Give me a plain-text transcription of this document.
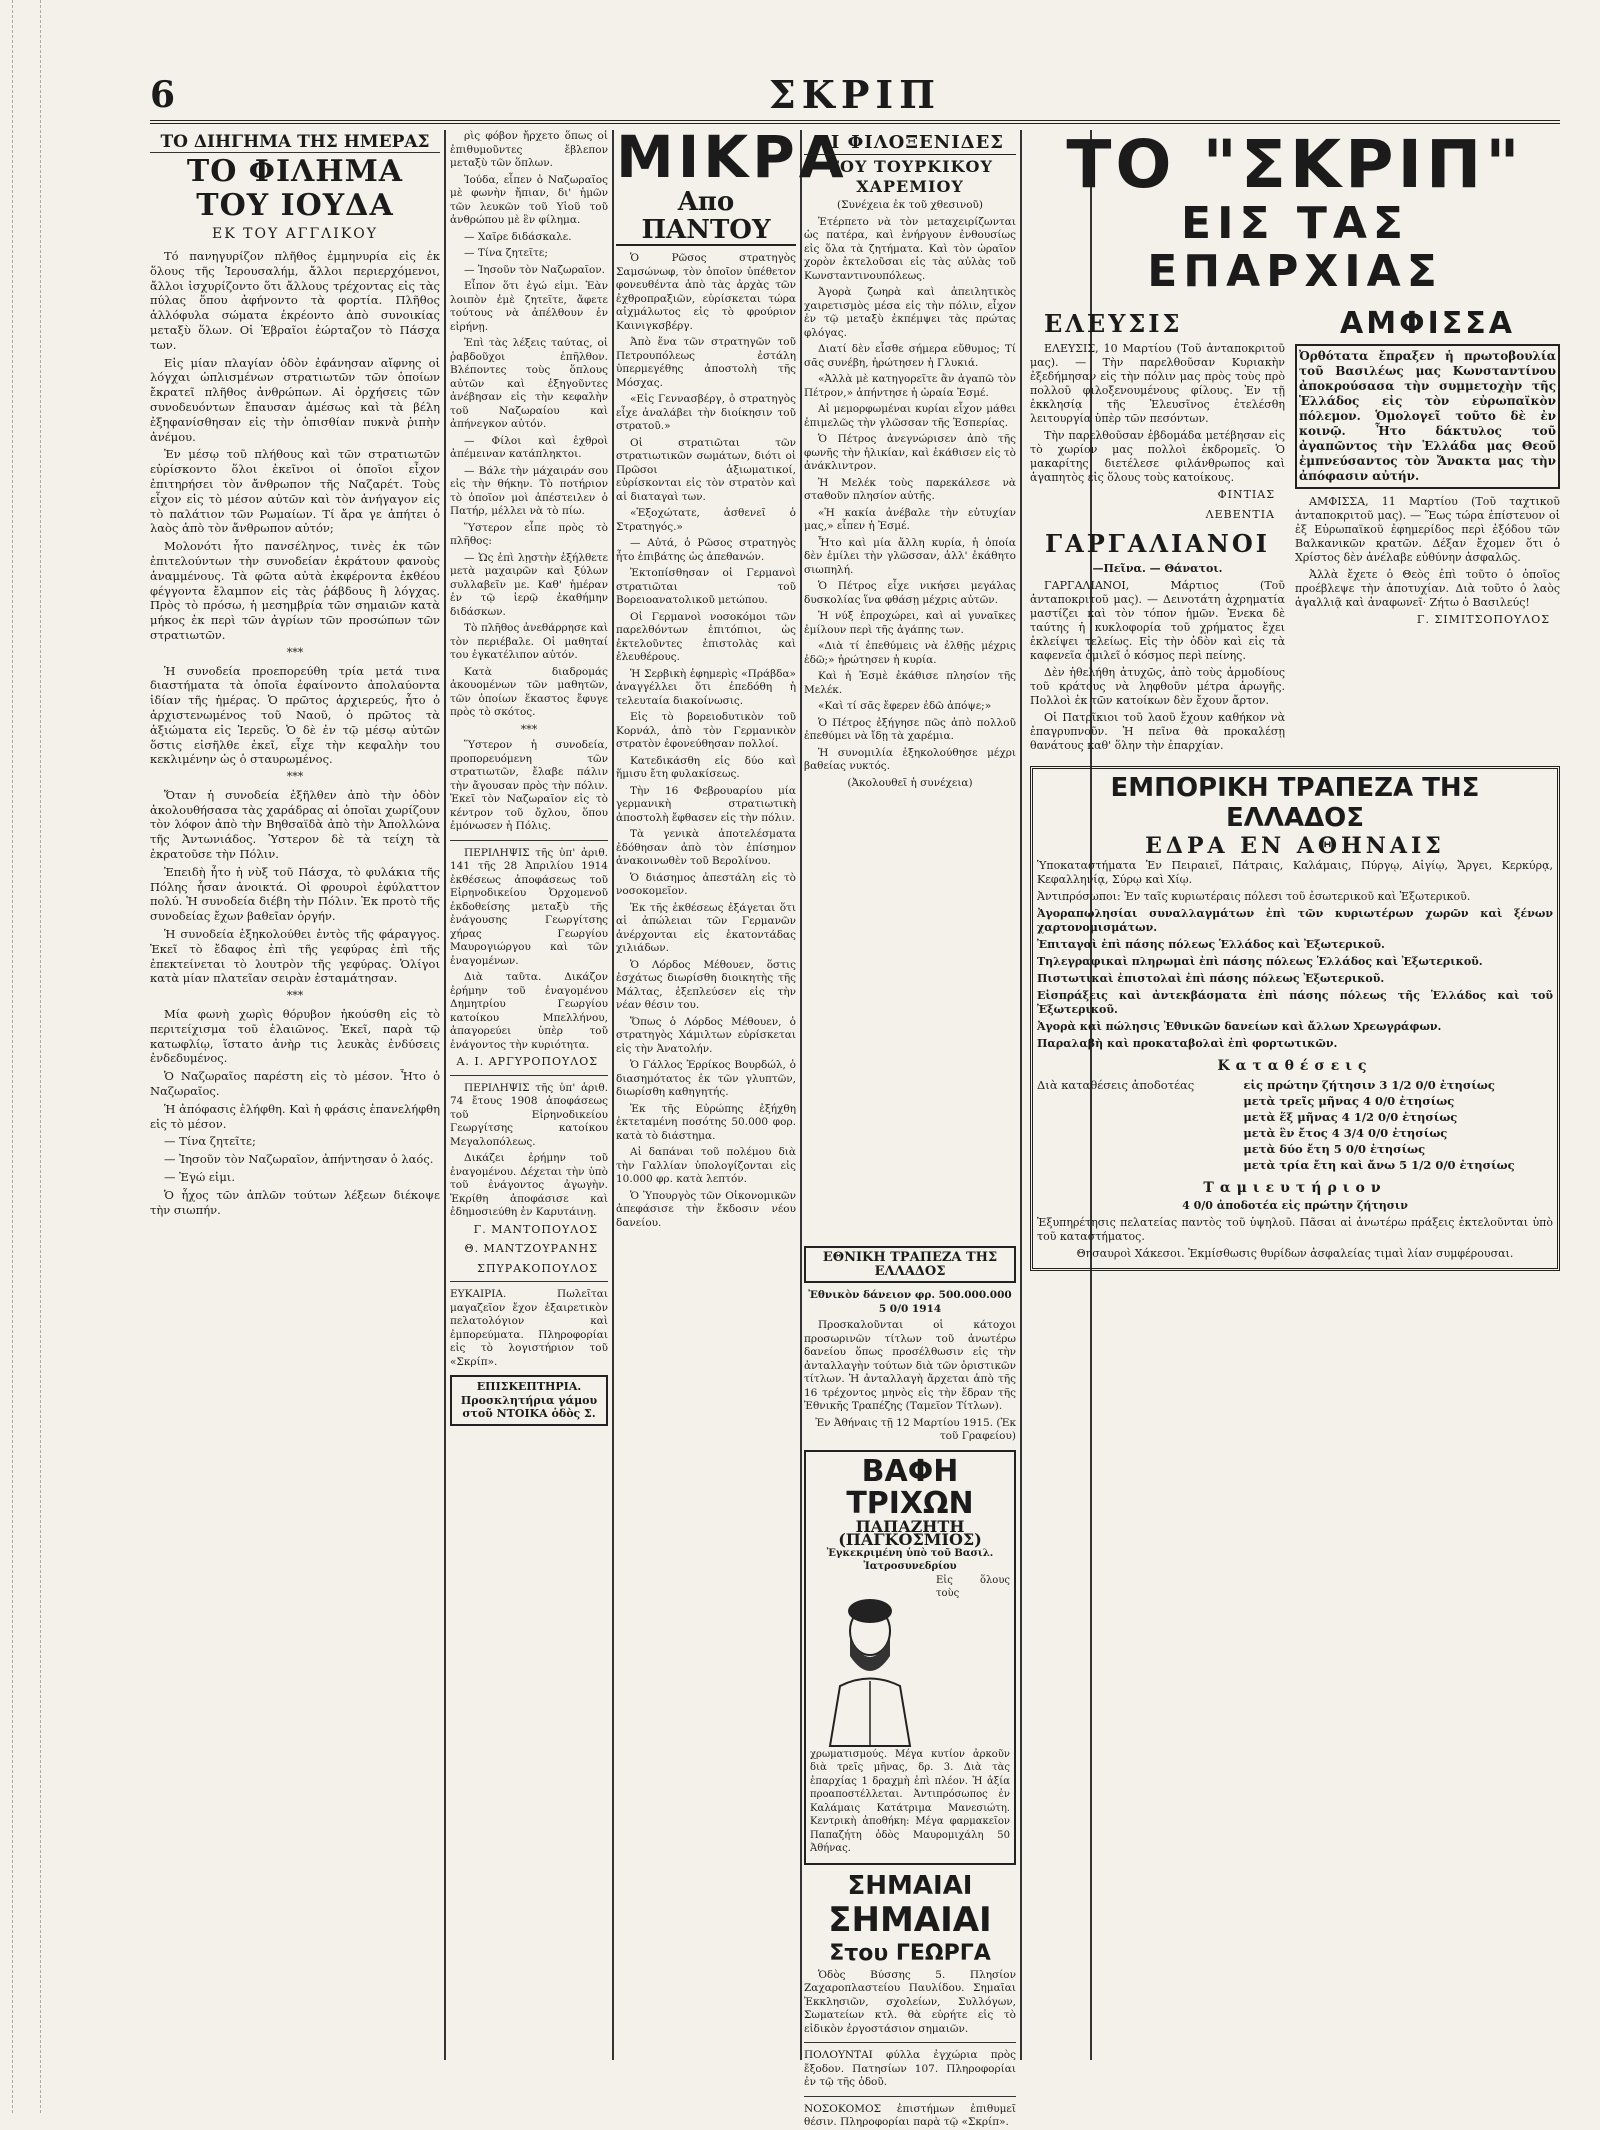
6	ΣΚΡΙΠ
ΤΟ ΔΙΗΓΗΜΑ ΤΗΣ ΗΜΕΡΑΣ
ΤΟ ΦΙΛΗΜΑ ΤΟΥ ΙΟΥΔΑ
ΕΚ ΤΟΥ ΑΓΓΛΙΚΟΥ

Τό πανηγυρίζον πλῆθος ἐμμηνυρία εἰς ἐκ ὅλους τῆς Ἱερουσαλήμ, ἄλλοι περιερχόμενοι, ἄλλοι ἰσχυρίζοντο ὅτι ἄλλους τρέχοντας εἰς τὰς πύλας ὅπου ἀφήνοντο τὰ φορτία. Πλῆθος ἀλλόφυλα σώματα ἐκρέοντο ἀπὸ συνοικίας μεταξὺ ὅλων. Οἱ Ἑβραῖοι ἐώρταζον τὸ Πάσχα των.

Εἰς μίαν πλαγίαν ὁδὸν ἐφάνησαν αἴφνης οἱ λόγχαι ὡπλισμένων στρατιωτῶν τῶν ὁποίων ἔκρατεῖ πλῆθος ἀνθρώπων. Αἱ ὀρχήσεις τῶν συνοδευόντων ἔπαυσαν ἀμέσως καὶ τὰ βέλη ἐξηφανίσθησαν εἰς τὴν ὀπισθίαν πυκνὰ ῥιπὴν ἀνέμου.

Ἐν μέσῳ τοῦ πλήθους καὶ τῶν στρατιωτῶν εὑρίσκοντο ὅλοι ἐκεῖνοι οἱ ὁποῖοι εἶχον ἐπιτηρήσει τὸν ἄνθρωπον τῆς Ναζαρέτ. Τοὺς εἶχον εἰς τὸ μέσον αὐτῶν καὶ τὸν ἀνήγαγον εἰς τὸ παλάτιον τῶν Ρωμαίων. Τί ἄρα γε ἀπήτει ὁ λαὸς ἀπὸ τὸν ἄνθρωπον αὐτόν;

Μολονότι ἦτο πανσέληνος, τινὲς ἐκ τῶν ἐπιτελούντων τὴν συνοδείαν ἐκράτουν φανοὺς ἀναμμένους. Τὰ φῶτα αὐτὰ ἐκφέροντα ἐκθέου φέγγοντα ἔλαμπον εἰς τὰς ῥάβδους ἢ λόγχας. Πρὸς τὸ πρόσω, ἡ μεσημβρία τῶν σημαιῶν κατὰ μήκος ἐκ περὶ τῶν ἀγρίων τῶν προσώπων τῶν στρατιωτῶν.

***

Ἡ συνοδεία προεπορεύθη τρία μετά τινα διαστήματα τὰ ὁποῖα ἐφαίνοντο ἀπολαύοντα ἰδίαν τῆς ἡμέρας. Ὁ πρῶτος ἀρχιερεύς, ἦτο ὁ ἀρχιστενωμένος τοῦ Ναοῦ, ὁ πρῶτος τὰ ἀξιώματα εἰς Ἱερεῦς. Ὁ δὲ ἐν τῷ μέσῳ αὐτῶν ὅστις εἰσῆλθε ἐκεῖ, εἶχε τὴν κεφαλὴν του κεκλιμένην ὡς ὁ σταυρωμένος.

***

Ὅταν ἡ συνοδεία ἐξῆλθεν ἀπὸ τὴν ὁδὸν ἀκολουθήσασα τὰς χαράδρας αἱ ὁποῖαι χωρίζουν τὸν λόφον ἀπὸ τὴν Βηθσαϊδὰ ἀπὸ τὴν Ἀπολλώνα τῆς Ἀντωνιάδος. Ὑστερον δὲ τὰ τείχη τὰ ἐκρατοῦσε τὴν Πόλιν.

Ἐπειδὴ ἦτο ἡ νὺξ τοῦ Πάσχα, τὸ φυλάκια τῆς Πόλης ἦσαν ἀνοικτά. Οἱ φρουροὶ ἐφύλαττον πολύ. Ἡ συνοδεία διέβη τὴν Πόλιν. Ἐκ προτὸ τῆς συνοδείας ἔχων βαθεῖαν ὀργήν.

Ἡ συνοδεία ἐξηκολούθει ἐντὸς τῆς φάραγγος. Ἐκεῖ τὸ ἔδαφος ἐπὶ τῆς γεφύρας ἐπὶ τῆς ἐπεκτείνεται τὸ λουτρὸν τῆς γεφύρας. Ὁλίγοι κατὰ μίαν πλατεῖαν σειρὰν ἐσταμάτησαν.

***

Μία φωνὴ χωρὶς θόρυβον ἠκούσθη εἰς τὸ περιτείχισμα τοῦ ἐλαιῶνος. Ἐκεῖ, παρὰ τῷ κατωφλίῳ, ἵστατο ἀνὴρ τις λευκὰς ἐνδύσεις ἐνδεδυμένος.

Ὁ Ναζωραῖος παρέστη εἰς τὸ μέσον. Ἦτο ὁ Ναζωραῖος.

Ἡ ἀπόφασις ἐλήφθη. Καὶ ἡ φράσις ἐπανελήφθη εἰς τὸ μέσον.

— Τίνα ζητεῖτε;

— Ἰησοῦν τὸν Ναζωραῖον, ἀπήντησαν ὁ λαός.

— Ἐγώ εἰμι.

Ὁ ἦχος τῶν ἁπλῶν τούτων λέξεων διέκοψε τὴν σιωπήν.

ρὶς φόβον ἤρχετο ὅπως οἱ ἐπιθυμοῦντες ἔβλεπον μεταξὺ τῶν ὅπλων.

Ἰούδα, εἶπεν ὁ Ναζωραῖος μὲ φωνὴν ἤπιαν, δι' ἡμῶν τῶν λευκῶν τοῦ Υἱοῦ τοῦ ἀνθρώπου μὲ ἓν φίλημα.

— Χαῖρε διδάσκαλε.

— Τίνα ζητεῖτε;

— Ἰησοῦν τὸν Ναζωραῖον.

Εἶπον ὅτι ἐγώ εἰμι. Ἐὰν λοιπὸν ἐμὲ ζητεῖτε, ἄφετε τούτους νὰ ἀπέλθουν ἐν εἰρήνῃ.

Ἐπὶ τὰς λέξεις ταύτας, οἱ ῥαβδοῦχοι ἐπῆλθον. Βλέποντες τοὺς ὅπλους αὐτῶν καὶ ἐξηγοῦντες ἀνέβησαν εἰς τὴν κεφαλὴν τοῦ Ναζωραίου καὶ ἀπήνεγκον αὐτόν.

— Φίλοι καὶ ἐχθροὶ ἀπέμειναν κατάπληκτοι.

— Βάλε τὴν μάχαιράν σου εἰς τὴν θήκην. Τὸ ποτήριον τὸ ὁποῖον μοὶ ἀπέστειλεν ὁ Πατήρ, μέλλει νὰ τὸ πίω.

Ὕστερον εἶπε πρὸς τὸ πλῆθος:

— Ὡς ἐπὶ λῃστὴν ἐξήλθετε μετὰ μαχαιρῶν καὶ ξύλων συλλαβεῖν με. Καθ' ἡμέραν ἐν τῷ ἱερῷ ἐκαθήμην διδάσκων.

Τὸ πλῆθος ἀνεθάρρησε καὶ τὸν περιέβαλε. Οἱ μαθηταί του ἐγκατέλιπον αὐτόν.

Κατὰ διαδρομάς ἀκουομένων τῶν μαθητῶν, τῶν ὁποίων ἕκαστος ἔφυγε πρὸς τὸ σκότος.

***

Ὕστερον ἡ συνοδεία, προπορευόμενη τῶν στρατιωτῶν, ἔλαβε πάλιν τὴν ἄγουσαν πρὸς τὴν πόλιν. Ἐκεῖ τὸν Ναζωραῖον εἰς τὸ κέντρον τοῦ ὄχλου, ὅπου ἐμόνωσεν ἡ Πόλις.

ΠΕΡΙΛΗΨΙΣ τῆς ὑπ' ἀριθ. 141 τῆς 28 Ἀπριλίου 1914 ἐκθέσεως ἀποφάσεως τοῦ Εἰρηνοδικείου Ὀρχομενοῦ ἐκδοθείσης μεταξὺ τῆς ἐνάγουσης Γεωργίτσης χήρας Γεωργίου Μαυρογιώργου καὶ τῶν ἐναγομένων.

Διὰ ταῦτα. Δικάζον ἐρήμην τοῦ ἐναγομένου Δημητρίου Γεωργίου κατοίκου Μπελλήνου, ἀπαγορεύει ὑπὲρ τοῦ ἐνάγοντος τὴν κυριότητα.

Α. Ι. ΑΡΓΥΡΟΠΟΥΛΟΣ

ΠΕΡΙΛΗΨΙΣ τῆς ὑπ' ἀριθ. 74 ἔτους 1908 ἀποφάσεως τοῦ Εἰρηνοδικείου Γεωργίτσης κατοίκου Μεγαλοπόλεως.

Δικάζει ἐρήμην τοῦ ἐναγομένου. Δέχεται τὴν ὑπὸ τοῦ ἐνάγοντος ἀγωγὴν. Ἐκρίθη ἀποφάσισε καὶ ἐδημοσιεύθη ἐν Καρυτάινῃ.

Γ. ΜΑΝΤΟΠΟΥΛΟΣ
Θ. ΜΑΝΤΖΟΥΡΑΝΗΣ
ΣΠΥΡΑΚΟΠΟΥΛΟΣ

ΕΥΚΑΙΡΙΑ. Πωλεῖται μαγαζεῖον ἔχον ἐξαιρετικὸν πελατολόγιον καὶ ἐμπορεύματα. Πληροφορίαι εἰς τὸ λογιστήριον τοῦ «Σκρίπ».

ΕΠΙΣΚΕΠΤΗΡΙΑ. Προσκλητήρια γάμου στοῦ ΝΤΟΙΚΑ ὁδὸς Σ.
ΜΙΚΡΑ
Απο ΠΑΝΤΟΥ

Ὁ Ρῶσος στρατηγὸς Σαμσώνωφ, τὸν ὁποῖον ὑπέθετον φονευθέντα ἀπὸ τὰς ἀρχὰς τῶν ἐχθροπραξιῶν, εὑρίσκεται τώρα αἰχμάλωτος εἰς τὸ φρούριον Καινιγκσβέργ.

Ἀπὸ ἕνα τῶν στρατηγῶν τοῦ Πετρουπόλεως ἐστάλη ὑπερμεγέθης ἀποστολὴ τῆς Μόσχας.

«Εἰς Γεννασβέργ, ὁ στρατηγὸς εἶχε ἀναλάβει τὴν διοίκησιν τοῦ στρατοῦ.»

Οἱ στρατιῶται τῶν στρατιωτικῶν σωμάτων, διότι οἱ Πρῶσοι ἀξιωματικοί, εὑρίσκονται εἰς τὸν στρατὸν καὶ αἱ διαταγαὶ των.

«Ἐξοχώτατε, ἀσθενεῖ ὁ Στρατηγός.»

— Αὐτά, ὁ Ρῶσος στρατηγὸς ἦτο ἐπιβάτης ὡς ἀπεθανών.

Ἐκτοπίσθησαν οἱ Γερμανοὶ στρατιῶται τοῦ Βορειοανατολικοῦ μετώπου.

Οἱ Γερμανοὶ νοσοκόμοι τῶν παρελθόντων ἐπιτόπιοι, ὡς ἐκτελοῦντες ἐπιστολὰς καὶ ἐλευθέρους.

Ἡ Σερβικὴ ἐφημερὶς «Πράβδα» ἀναγγέλλει ὅτι ἐπεδόθη ἡ τελευταία διακοίνωσις.

Εἰς τὸ βορειοδυτικὸν τοῦ Κορνάλ, ἀπὸ τὸν Γερμανικὸν στρατὸν ἐφονεύθησαν πολλοί.

Κατεδικάσθη εἰς δύο καὶ ἥμισυ ἔτη φυλακίσεως.

Τὴν 16 Φεβρουαρίου μία γερμανικὴ στρατιωτικὴ ἀποστολὴ ἔφθασεν εἰς τὴν πόλιν.

Τὰ γενικὰ ἀποτελέσματα ἐδόθησαν ἀπὸ τὸν ἐπίσημον ἀνακοινωθὲν τοῦ Βερολίνου.

Ὁ διάσημος ἀπεστάλη εἰς τὸ νοσοκομεῖον.

Ἐκ τῆς ἐκθέσεως ἐξάγεται ὅτι αἱ ἀπώλειαι τῶν Γερμανῶν ἀνέρχονται εἰς ἑκατοντάδας χιλιάδων.

Ὁ Λόρδος Μέθουεν, ὅστις ἐσχάτως διωρίσθη διοικητὴς τῆς Μάλτας, ἐξεπλεύσεν εἰς τὴν νέαν θέσιν του.

Ὅπως ὁ Λόρδος Μέθουεν, ὁ στρατηγὸς Χάμιλτων εὑρίσκεται εἰς τὴν Ἀνατολήν.

Ὁ Γάλλος Ἐρρίκος Βουρδώλ, ὁ διασημότατος ἐκ τῶν γλυπτῶν, διωρίσθη καθηγητής.

Ἐκ τῆς Εὐρώπης ἐξήχθη ἐκτεταμένη ποσότης 50.000 φορ. κατὰ τὸ διάστημα.

Αἱ δαπάναι τοῦ πολέμου διὰ τὴν Γαλλίαν ὑπολογίζονται εἰς 10.000 φρ. κατὰ λεπτόν.

Ὁ Ὑπουργὸς τῶν Οἰκονομικῶν ἀπεφάσισε τὴν ἔκδοσιν νέου δανείου.

ΑΙ ΦΙΛΟΞΕΝΙΔΕΣ
ΤΟΥ ΤΟΥΡΚΙΚΟΥ ΧΑΡΕΜΙΟΥ

(Συνέχεια ἐκ τοῦ χθεσινοῦ)

Ἐτέρπετο νὰ τὸν μεταχειρίζωνται ὡς πατέρα, καὶ ἐνήργουν ἐνθουσίως εἰς ὅλα τὰ ζητήματα. Καὶ τὸν ὡραῖον χορὸν ἐκτελοῦσαι εἰς τὰς αὐλὰς τοῦ Κωνσταντινουπόλεως.

Ἀγορὰ ζωηρὰ καὶ ἀπειλητικὸς χαιρετισμὸς μέσα εἰς τὴν πόλιν, εἶχον ἐν τῷ μεταξὺ ἐκπέμψει τὰς πρώτας φλόγας.

Διατί δὲν εἶσθε σήμερα εὔθυμος; Τί σᾶς συνέβη, ἠρώτησεν ἡ Γλυκιά.

«Ἀλλὰ μὲ κατηγορεῖτε ἂν ἀγαπῶ τὸν Πέτρον,» ἀπήντησε ἡ ὡραία Ἐσμέ.

Αἱ μεμορφωμέναι κυρίαι εἶχον μάθει ἐπιμελῶς τὴν γλῶσσαν τῆς Ἑσπερίας.

Ὁ Πέτρος ἀνεγνώρισεν ἀπὸ τῆς φωνῆς τὴν ἡλικίαν, καὶ ἐκάθισεν εἰς τὸ ἀνάκλιντρον.

Ἡ Μελέκ τοὺς παρεκάλεσε νὰ σταθοῦν πλησίον αὐτῆς.

«Ἡ κακία ἀνέβαλε τὴν εὐτυχίαν μας,» εἶπεν ἡ Ἐσμέ.

Ἦτο καὶ μία ἄλλη κυρία, ἡ ὁποία δὲν ἐμίλει τὴν γλῶσσαν, ἀλλ' ἐκάθητο σιωπηλή.

Ὁ Πέτρος εἶχε νικήσει μεγάλας δυσκολίας ἵνα φθάσῃ μέχρις αὐτῶν.

Ἡ νύξ ἐπροχώρει, καὶ αἱ γυναῖκες ἐμίλουν περὶ τῆς ἀγάπης των.

«Διὰ τί ἐπεθύμεις νὰ ἐλθῇς μέχρις ἐδῶ;» ἠρώτησεν ἡ κυρία.

Καὶ ἡ Ἐσμὲ ἐκάθισε πλησίον τῆς Μελέκ.

«Καὶ τί σᾶς ἔφερεν ἐδῶ ἀπόψε;»

Ὁ Πέτρος ἐξήγησε πῶς ἀπὸ πολλοῦ ἐπεθύμει νὰ ἴδῃ τὰ χαρέμια.

Ἡ συνομιλία ἐξηκολούθησε μέχρι βαθείας νυκτός.

(Ἀκολουθεῖ ἡ συνέχεια)

ΕΘΝΙΚΗ ΤΡΑΠΕΖΑ ΤΗΣ ΕΛΛΑΔΟΣ

Ἐθνικὸν δάνειον φρ. 500.000.000 5 0/0 1914

Προσκαλοῦνται οἱ κάτοχοι προσωρινῶν τίτλων τοῦ ἀνωτέρω δανείου ὅπως προσέλθωσιν εἰς τὴν ἀνταλλαγὴν τούτων διὰ τῶν ὁριστικῶν τίτλων. Ἡ ἀνταλλαγὴ ἄρχεται ἀπὸ τῆς 16 τρέχοντος μηνὸς εἰς τὴν ἔδραν τῆς Ἐθνικῆς Τραπέζης (Ταμεῖον Τίτλων).

Ἐν Ἀθήναις τῇ 12 Μαρτίου 1915. (Ἐκ τοῦ Γραφείου)

ΒΑΦΗ ΤΡΙΧΩΝ
ΠΑΠΑΖΗΤΗ (ΠΑΓΚΟΣΜΙΟΣ)
Ἐγκεκριμένη ὑπὸ τοῦ Βασιλ. Ἰατροσυνεδρίου

Εἰς ὅλους τοὺς χρωματισμούς. Μέγα κυτίον ἀρκοῦν διὰ τρεῖς μῆνας, δρ. 3. Διὰ τὰς ἐπαρχίας 1 δραχμὴ ἐπὶ πλέον. Ἡ ἀξία προαποστέλλεται. Ἀντιπρόσωπος ἐν Καλάμαις Κατάτριμα Μανεσιώτη. Κεντρικὴ ἀποθήκη: Μέγα φαρμακεῖον Παπαζήτη ὁδὸς Μαυρομιχάλη 50 Ἀθήνας.

ΣΗΜΑΙΑΙ
ΣΗΜΑΙΑΙ
Στου ΓΕΩΡΓΑ

Ὁδὸς Βύσσης 5. Πλησίον Ζαχαροπλαστείου Παυλίδου. Σημαῖαι Ἐκκλησιῶν, σχολείων, Συλλόγων, Σωματείων κτλ. θὰ εὑρήτε εἰς τὸ εἰδικὸν ἐργοστάσιον σημαιῶν.

ΠΟΛΟΥΝΤΑΙ φύλλα ἐγχώρια πρὸς ἔξοδον. Πατησίων 107. Πληροφορίαι ἐν τῷ τῆς ὁδοῦ.

ΝΟΣΟΚΟΜΟΣ ἐπιστήμων ἐπιθυμεῖ θέσιν. Πληροφορίαι παρὰ τῷ «Σκρίπ».

ΤΟ "ΣΚΡΙΠ"
ΕΙΣ ΤΑΣ ΕΠΑΡΧΙΑΣ
ΕΛΕΥΣΙΣ

ΕΛΕΥΣΙΣ, 10 Μαρτίου (Τοῦ ἀνταποκριτοῦ μας). — Τὴν παρελθοῦσαν Κυριακὴν ἐξεδήμησαν εἰς τὴν πόλιν μας πρὸς τοὺς πρὸ πολλοῦ φιλοξενουμένους φίλους. Ἐν τῇ ἐκκλησίᾳ τῆς Ἐλευσῖνος ἐτελέσθη λειτουργία ὑπὲρ τῶν πεσόντων.

Τὴν παρελθοῦσαν ἑβδομάδα μετέβησαν εἰς τὸ χωρίον μας πολλοὶ ἐκδρομεῖς. Ὁ μακαρίτης διετέλεσε φιλάνθρωπος καὶ ἀγαπητὸς εἰς ὅλους τοὺς κατοίκους.

ΦΙΝΤΙΑΣ
ΛΕΒΕΝΤΙΑ
ΓΑΡΓΑΛΙΑΝΟΙ

—Πεῖνα. — Θάνατοι.

ΓΑΡΓΑΛΙΑΝΟΙ, Μάρτιος (Τοῦ ἀνταποκριτοῦ μας). — Δεινοτάτη ἀχρηματία μαστίζει καὶ τὸν τόπον ἡμῶν. Ἐνεκα δὲ ταύτης ἡ κυκλοφορία τοῦ χρήματος ἔχει ἐκλείψει τελείως. Εἰς τὴν ὁδὸν καὶ εἰς τὰ καφενεῖα ὁμιλεῖ ὁ κόσμος περὶ πείνης.

Δὲν ἠθελήθη ἀτυχῶς, ἀπὸ τοὺς ἀρμοδίους τοῦ κράτους νὰ ληφθοῦν μέτρα ἀρωγῆς. Πολλοὶ ἐκ τῶν κατοίκων δὲν ἔχουν ἄρτον.

Οἱ Πατρῖκιοι τοῦ λαοῦ ἔχουν καθήκον νὰ ἐπαγρυπνοῦν. Ἡ πεῖνα θὰ προκαλέσῃ θανάτους καθ' ὅλην τὴν ἐπαρχίαν.

ΑΜΦΙΣΣΑ
Ὀρθότατα ἔπραξεν ἡ πρωτοβουλία τοῦ Βασιλέως μας Κωνσταντίνου ἀποκρούσασα τὴν συμμετοχὴν τῆς Ἑλλάδος εἰς τὸν εὐρωπαϊκὸν πόλεμον. Ὁμολογεῖ τοῦτο δὲ ἐν κοινῷ. Ἦτο δάκτυλος τοῦ ἀγαπῶντος τὴν Ἑλλάδα μας Θεοῦ ἐμπνεύσαντος τὸν Ἄνακτα μας τὴν ἀπόφασιν αὐτήν.

ΑΜΦΙΣΣΑ, 11 Μαρτίου (Τοῦ ταχτικοῦ ἀνταποκριτοῦ μας). — Ἕως τώρα ἐπίστευον οἱ ἐξ Εὐρωπαϊκοῦ ἐφημερίδος περὶ ἐξόδου τῶν Βαλκανικῶν κρατῶν. Δέξαν ἔχομεν ὅτι ὁ Χρίστος δὲν ἀνέλαβε εὐθύνην ἀσφαλῶς.

Ἀλλὰ ἔχετε ὁ Θεὸς ἐπὶ τοῦτο ὁ ὁποῖος προέβλεψε τὴν ἀποτυχίαν. Διὰ τοῦτο ὁ λαὸς ἀγαλλιᾷ καὶ ἀναφωνεῖ· Ζήτω ὁ Βασιλεύς!

Γ. ΣΙΜΙΤΣΟΠΟΥΛΟΣ
ΕΜΠΟΡΙΚΗ ΤΡΑΠΕΖΑ ΤΗΣ ΕΛΛΑΔΟΣ
ΕΔΡΑ ΕΝ ΑΘΗΝΑΙΣ

Ὑποκαταστήματα Ἐν Πειραιεῖ, Πάτραις, Καλάμαις, Πύργῳ, Αἰγίῳ, Ἄργει, Κερκύρᾳ, Κεφαλληνίᾳ, Σύρῳ καὶ Χίῳ.

Ἀντιπρόσωποι: Ἐν ταῖς κυριωτέραις πόλεσι τοῦ ἐσωτερικοῦ καὶ Ἐξωτερικοῦ.

Ἀγοραπωλησίαι συναλλαγμάτων ἐπὶ τῶν κυριωτέρων χωρῶν καὶ ξένων χαρτονομισμάτων.

Ἐπιταγαὶ ἐπὶ πάσης πόλεως Ἑλλάδος καὶ Ἐξωτερικοῦ.

Τηλεγραφικαὶ πληρωμαὶ ἐπὶ πάσης πόλεως Ἑλλάδος καὶ Ἐξωτερικοῦ.

Πιστωτικαὶ ἐπιστολαὶ ἐπὶ πάσης πόλεως Ἐξωτερικοῦ.

Εἰσπράξεις καὶ ἀντεκβάσματα ἐπὶ πάσης πόλεως τῆς Ἑλλάδος καὶ τοῦ Ἐξωτερικοῦ.

Ἀγορὰ καὶ πώλησις Ἐθνικῶν δανείων καὶ ἄλλων Χρεωγράφων.

Παραλαβὴ καὶ προκαταβολαὶ ἐπὶ φορτωτικῶν.

Καταθέσεις
Διὰ καταθέσεις ἀποδοτέας	εἰς πρώτην ζήτησιν 3 1/2 0/0 ἐτησίως
μετὰ τρεῖς μῆνας 4 0/0 ἐτησίως
μετὰ ἕξ μῆνας 4 1/2 0/0 ἐτησίως
μετὰ ἓν ἔτος 4 3/4 0/0 ἐτησίως
μετὰ δύο ἔτη 5 0/0 ἐτησίως
μετὰ τρία ἔτη καὶ ἄνω 5 1/2 0/0 ἐτησίως
Ταμιευτήριον

4 0/0 ἀποδοτέα εἰς πρώτην ζήτησιν

Ἐξυπηρέτησις πελατείας παντὸς τοῦ ὑψηλοῦ. Πᾶσαι αἱ ἀνωτέρω πράξεις ἐκτελοῦνται ὑπὸ τοῦ καταστήματος.

Θησαυροὶ Χάκεσοι. Ἐκμίσθωσις θυρίδων ἀσφαλείας τιμαὶ λίαν συμφέρουσαι.
